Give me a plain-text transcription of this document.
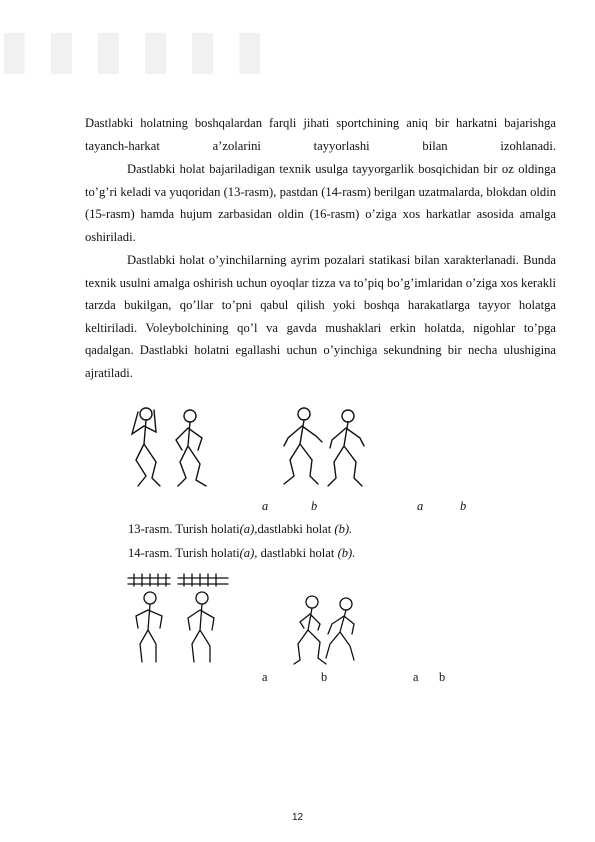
▮ ▮ ▮ ▮ ▮ ▮

Dastlabki holatning boshqalardan farqli jihati sportchining aniq bir harkatni bajarishga tayanch-harkat a’zolarini tayyorlashi bilan izohlanadi.

Dastlabki holat bajariladigan texnik usulga tayyorgarlik bosqichidan bir oz oldinga to’g’ri keladi va yuqoridan (13-rasm), pastdan (14-rasm) berilgan uzatmalarda, blokdan oldin (15-rasm) hamda hujum zarbasidan oldin (16-rasm) o’ziga xos harkatlar asosida amalga oshiriladi.

Dastlabki holat o’yinchilarning ayrim pozalari statikasi bilan xarakterlanadi. Bunda texnik usulni amalga oshirish uchun oyoqlar tizza va to’piq bo’g’imlaridan o’ziga xos kerakli tarzda bukilgan, qo’llar to’pni qabul qilish yoki boshqa harakatlarga tayyor holatga keltiriladi. Voleybolchining qo’l va gavda mushaklari erkin holatda, nigohlar to’pga qadalgan. Dastlabki holatni egallashi uchun o’yinchiga sekundning bir necha ulushigina ajratiladi.

a	b	a	b
13-rasm. Turish holati(a),dastlabki holat (b).
14-rasm. Turish holati(a), dastlabki holat (b).
a	b	a b
12
